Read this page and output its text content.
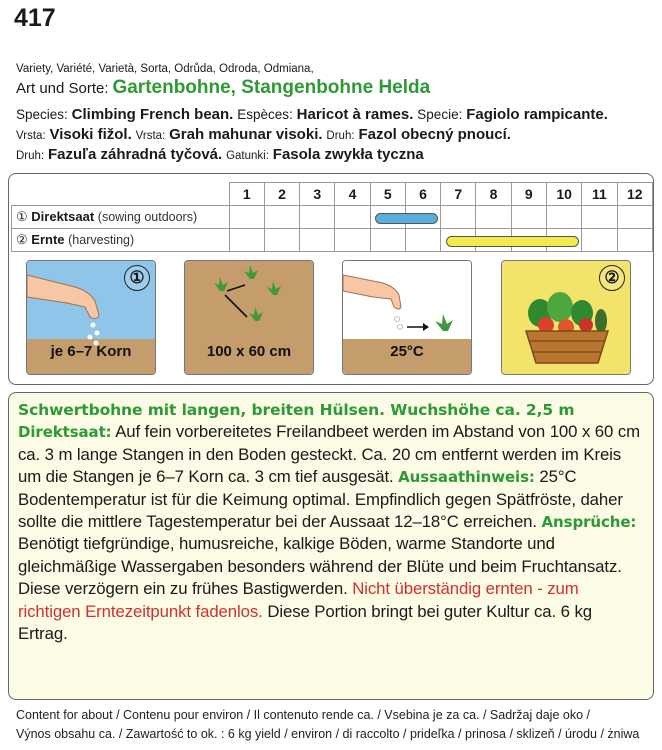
417
Variety, Variété, Varietà, Sorta, Odrůda, Odroda, Odmiana,
Art und Sorte: Gartenbohne, Stangenbohne Helda
Species: Climbing French bean. Espèces: Haricot à rames. Specie: Fagiolo rampicante.
Vrsta: Visoki fižol. Vrsta: Grah mahunar visoki. Druh: Fazol obecný pnoucí.
Druh: Fazuľa záhradná tyčová. Gatunki: Fasola zwykła tyczna
	1	2	3	4	5	6	7	8	9	10	11	12
① Direktsaat (sowing outdoors)												
② Ernte (harvesting)												
①
je 6–7 Korn	100 x 60 cm	25°C
②

Schwertbohne mit langen, breiten Hülsen. Wuchshöhe ca. 2,5 m

Direktsaat: Auf fein vorbereitetes Freilandbeet werden im Abstand von 100 x 60 cm ca. 3 m lange Stangen in den Boden gesteckt. Ca. 20 cm entfernt werden im Kreis um die Stangen je 6–7 Korn ca. 3 cm tief ausgesät. Aussaathinweis: 25°C Bodentemperatur ist für die Keimung optimal. Empfindlich gegen Spätfröste, daher sollte die mittlere Tagestemperatur bei der Aussaat 12–18°C erreichen. Ansprüche: Benötigt tiefgründige, humusreiche, kalkige Böden, warme Standorte und gleichmäßige Wassergaben besonders während der Blüte und beim Fruchtansatz. Diese verzögern ein zu frühes Bastigwerden. Nicht überständig ernten - zum richtigen Erntezeitpunkt fadenlos. Diese Portion bringt bei guter Kultur ca. 6 kg Ertrag.

Content for about / Contenu pour environ / Il contenuto rende ca. / Vsebina je za ca. / Sadržaj daje oko /
Výnos obsahu ca. / Zawartość to ok. : 6 kg yield / environ / di raccolto / prideľka / prinosa / sklizeň / úrodu / żniwa
